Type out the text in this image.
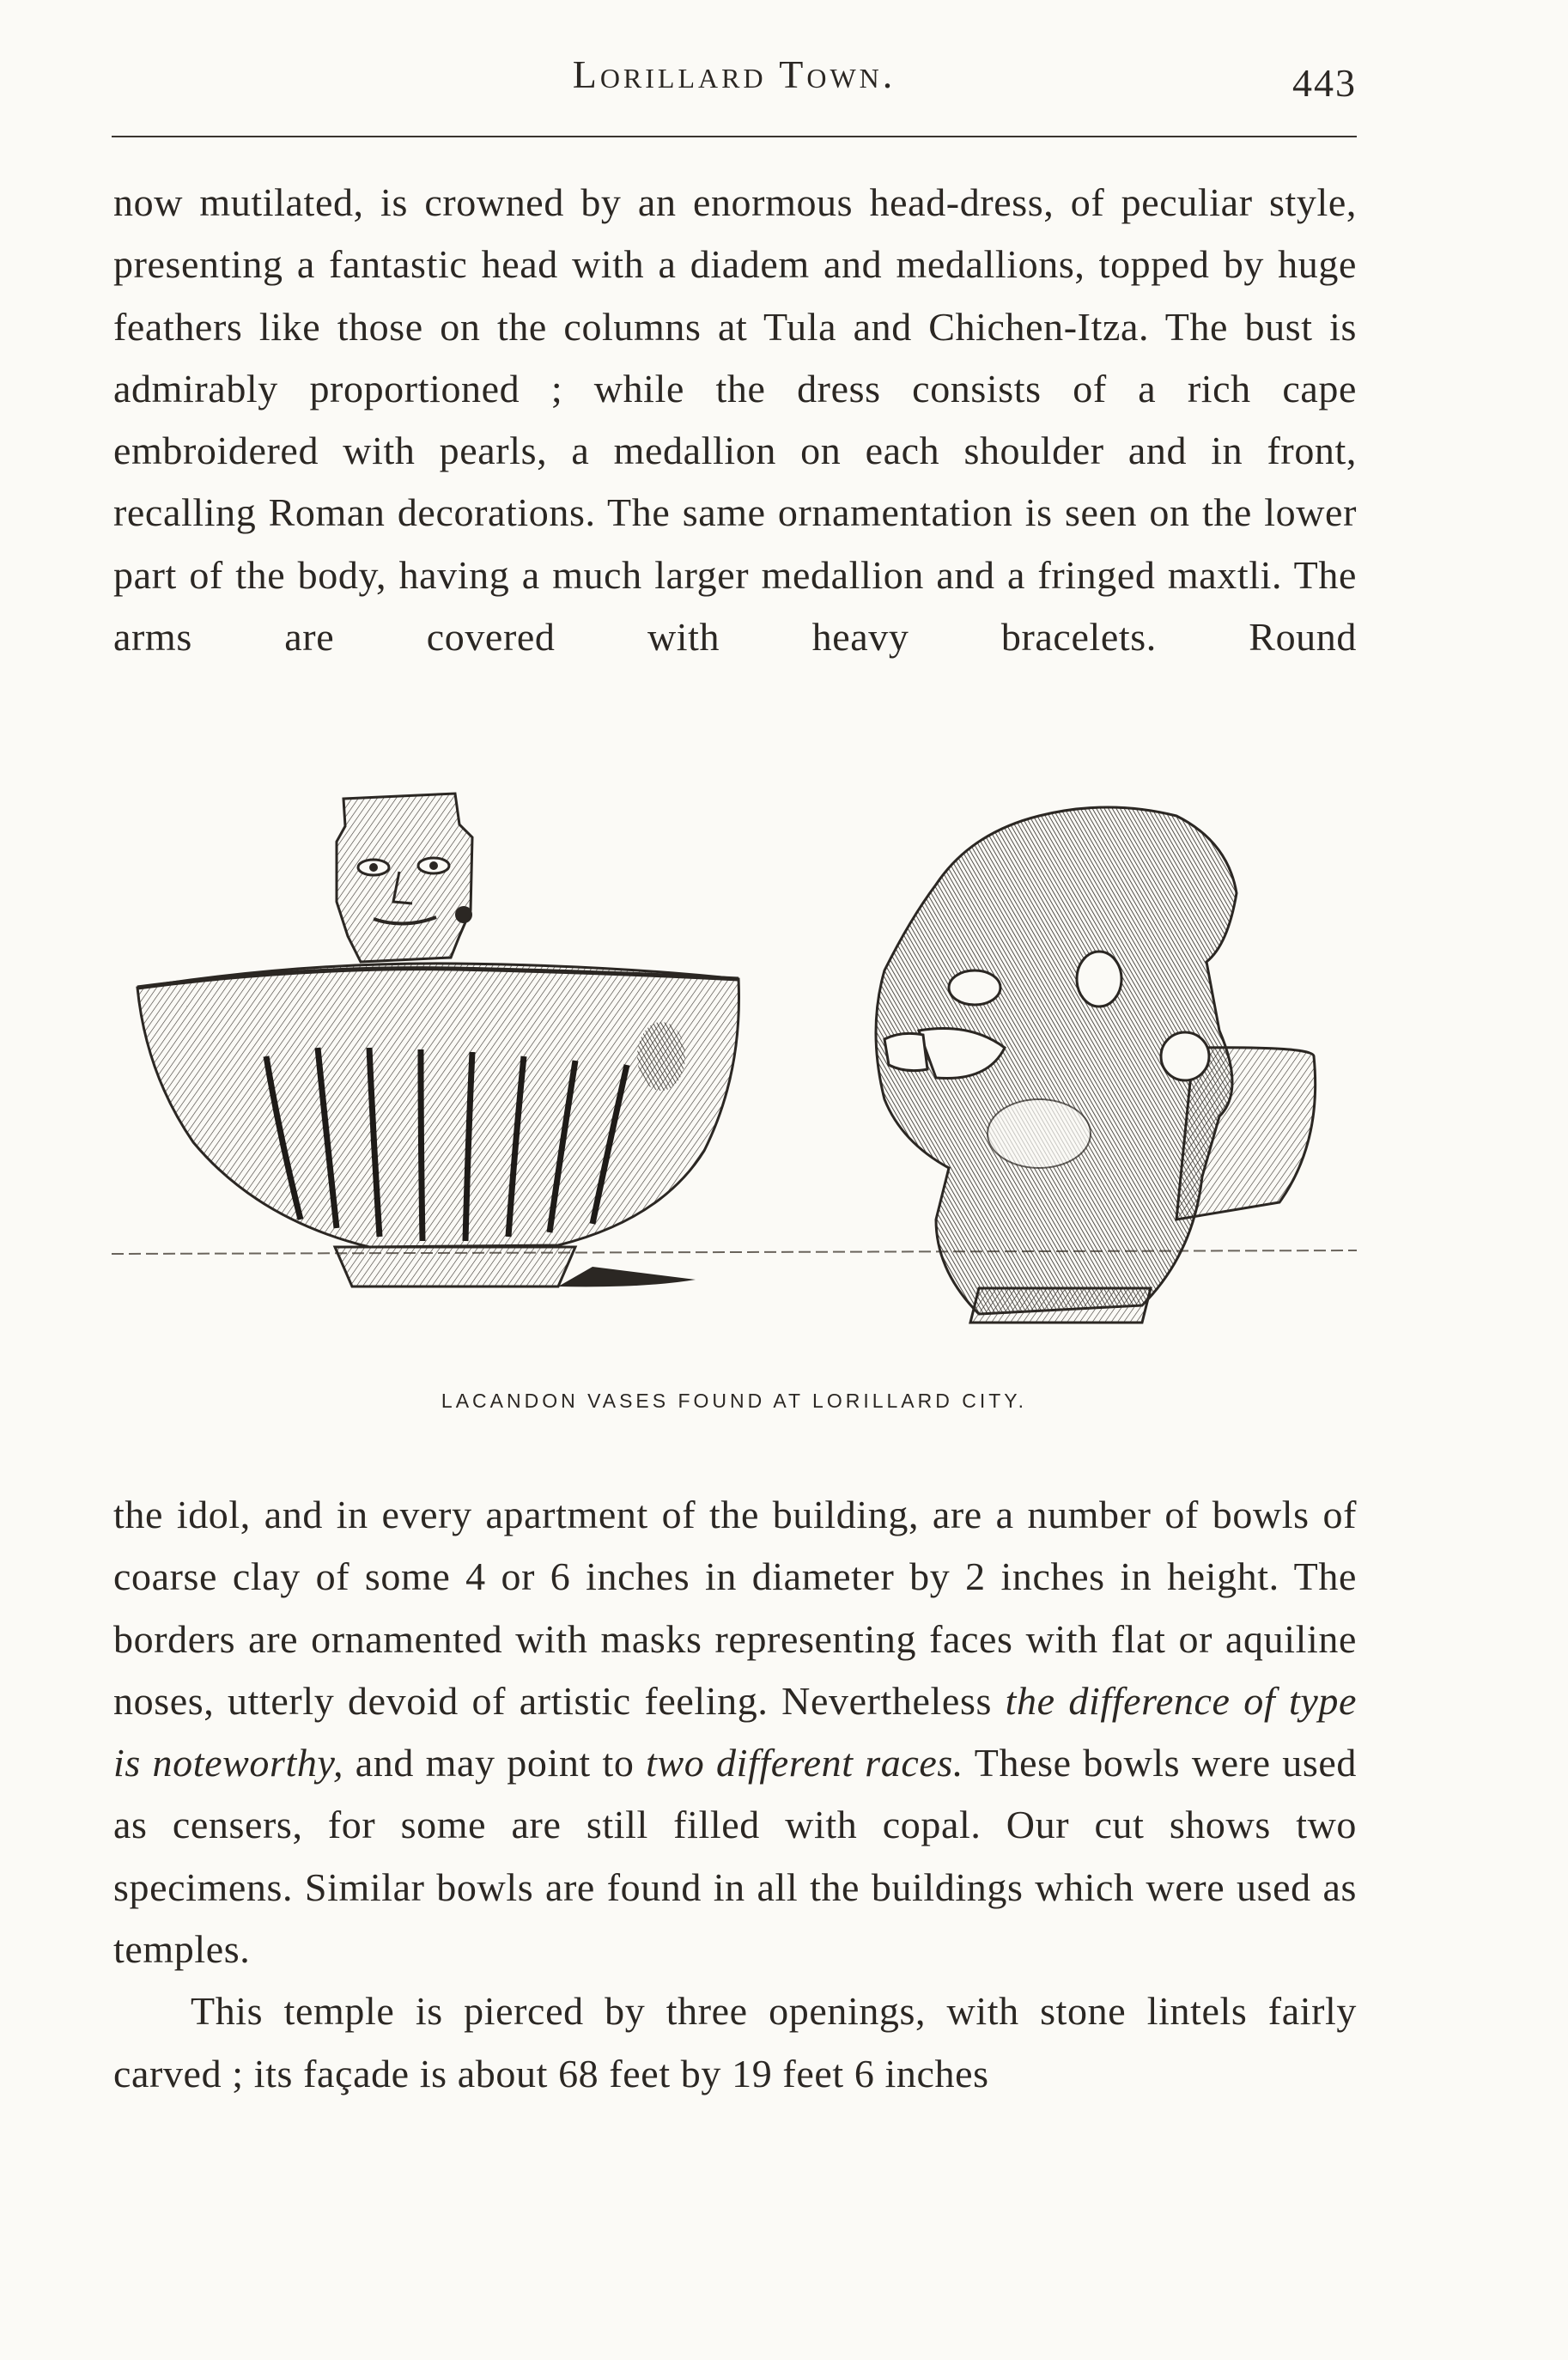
Lorillard Town.	443

now mutilated, is crowned by an enormous head-dress, of peculiar style, presenting a fantastic head with a diadem and medallions, topped by huge feathers like those on the columns at Tula and Chichen-Itza. The bust is admirably proportioned ; while the dress consists of a rich cape embroidered with pearls, a medallion on each shoulder and in front, recalling Roman decorations. The same ornamentation is seen on the lower part of the body, having a much larger medallion and a fringed maxtli. The arms are covered with heavy bracelets. Round

LACANDON VASES FOUND AT LORILLARD CITY.

the idol, and in every apartment of the building, are a number of bowls of coarse clay of some 4 or 6 inches in diameter by 2 inches in height. The borders are ornamented with masks representing faces with flat or aquiline noses, utterly devoid of artistic feeling. Nevertheless the difference of type is noteworthy, and may point to two different races. These bowls were used as censers, for some are still filled with copal. Our cut shows two specimens. Similar bowls are found in all the buildings which were used as temples.

This temple is pierced by three openings, with stone lintels fairly carved ; its façade is about 68 feet by 19 feet 6 inches
